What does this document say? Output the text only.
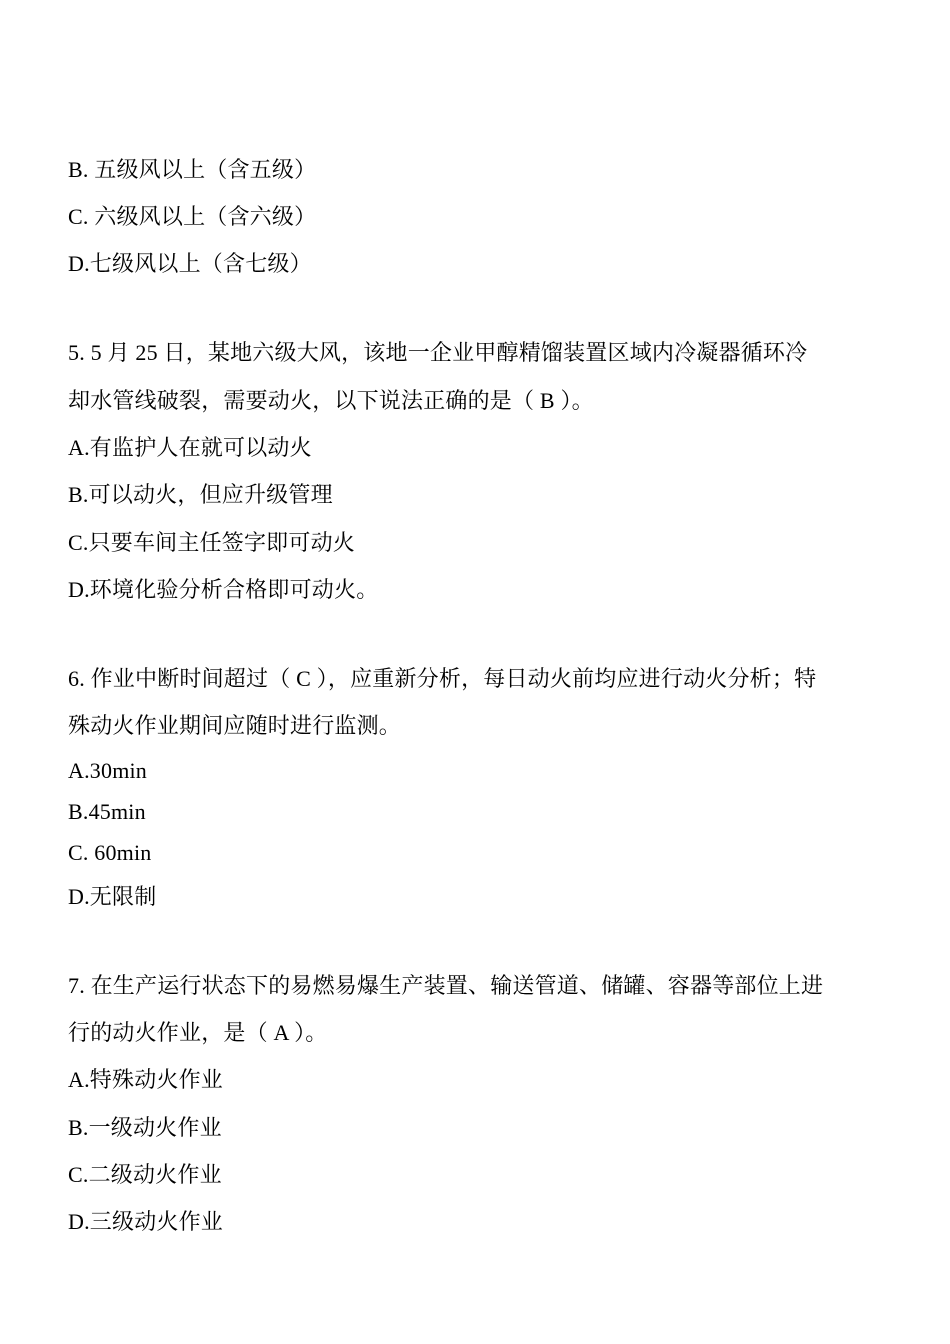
B. 五级风以上（含五级）
C. 六级风以上（含六级）
D.七级风以上（含七级）
5. 5 月 25 日，某地六级大风，该地一企业甲醇精馏装置区域内冷凝器循环冷
却水管线破裂，需要动火，以下说法正确的是（ B ）。
A.有监护人在就可以动火
B.可以动火，但应升级管理
C.只要车间主任签字即可动火
D.环境化验分析合格即可动火。
6. 作业中断时间超过（ C ），应重新分析，每日动火前均应进行动火分析；特
殊动火作业期间应随时进行监测。
A.30min
B.45min
C. 60min
D.无限制
7. 在生产运行状态下的易燃易爆生产装置、输送管道、储罐、容器等部位上进
行的动火作业，是（ A ）。
A.特殊动火作业
B.一级动火作业
C.二级动火作业
D.三级动火作业
